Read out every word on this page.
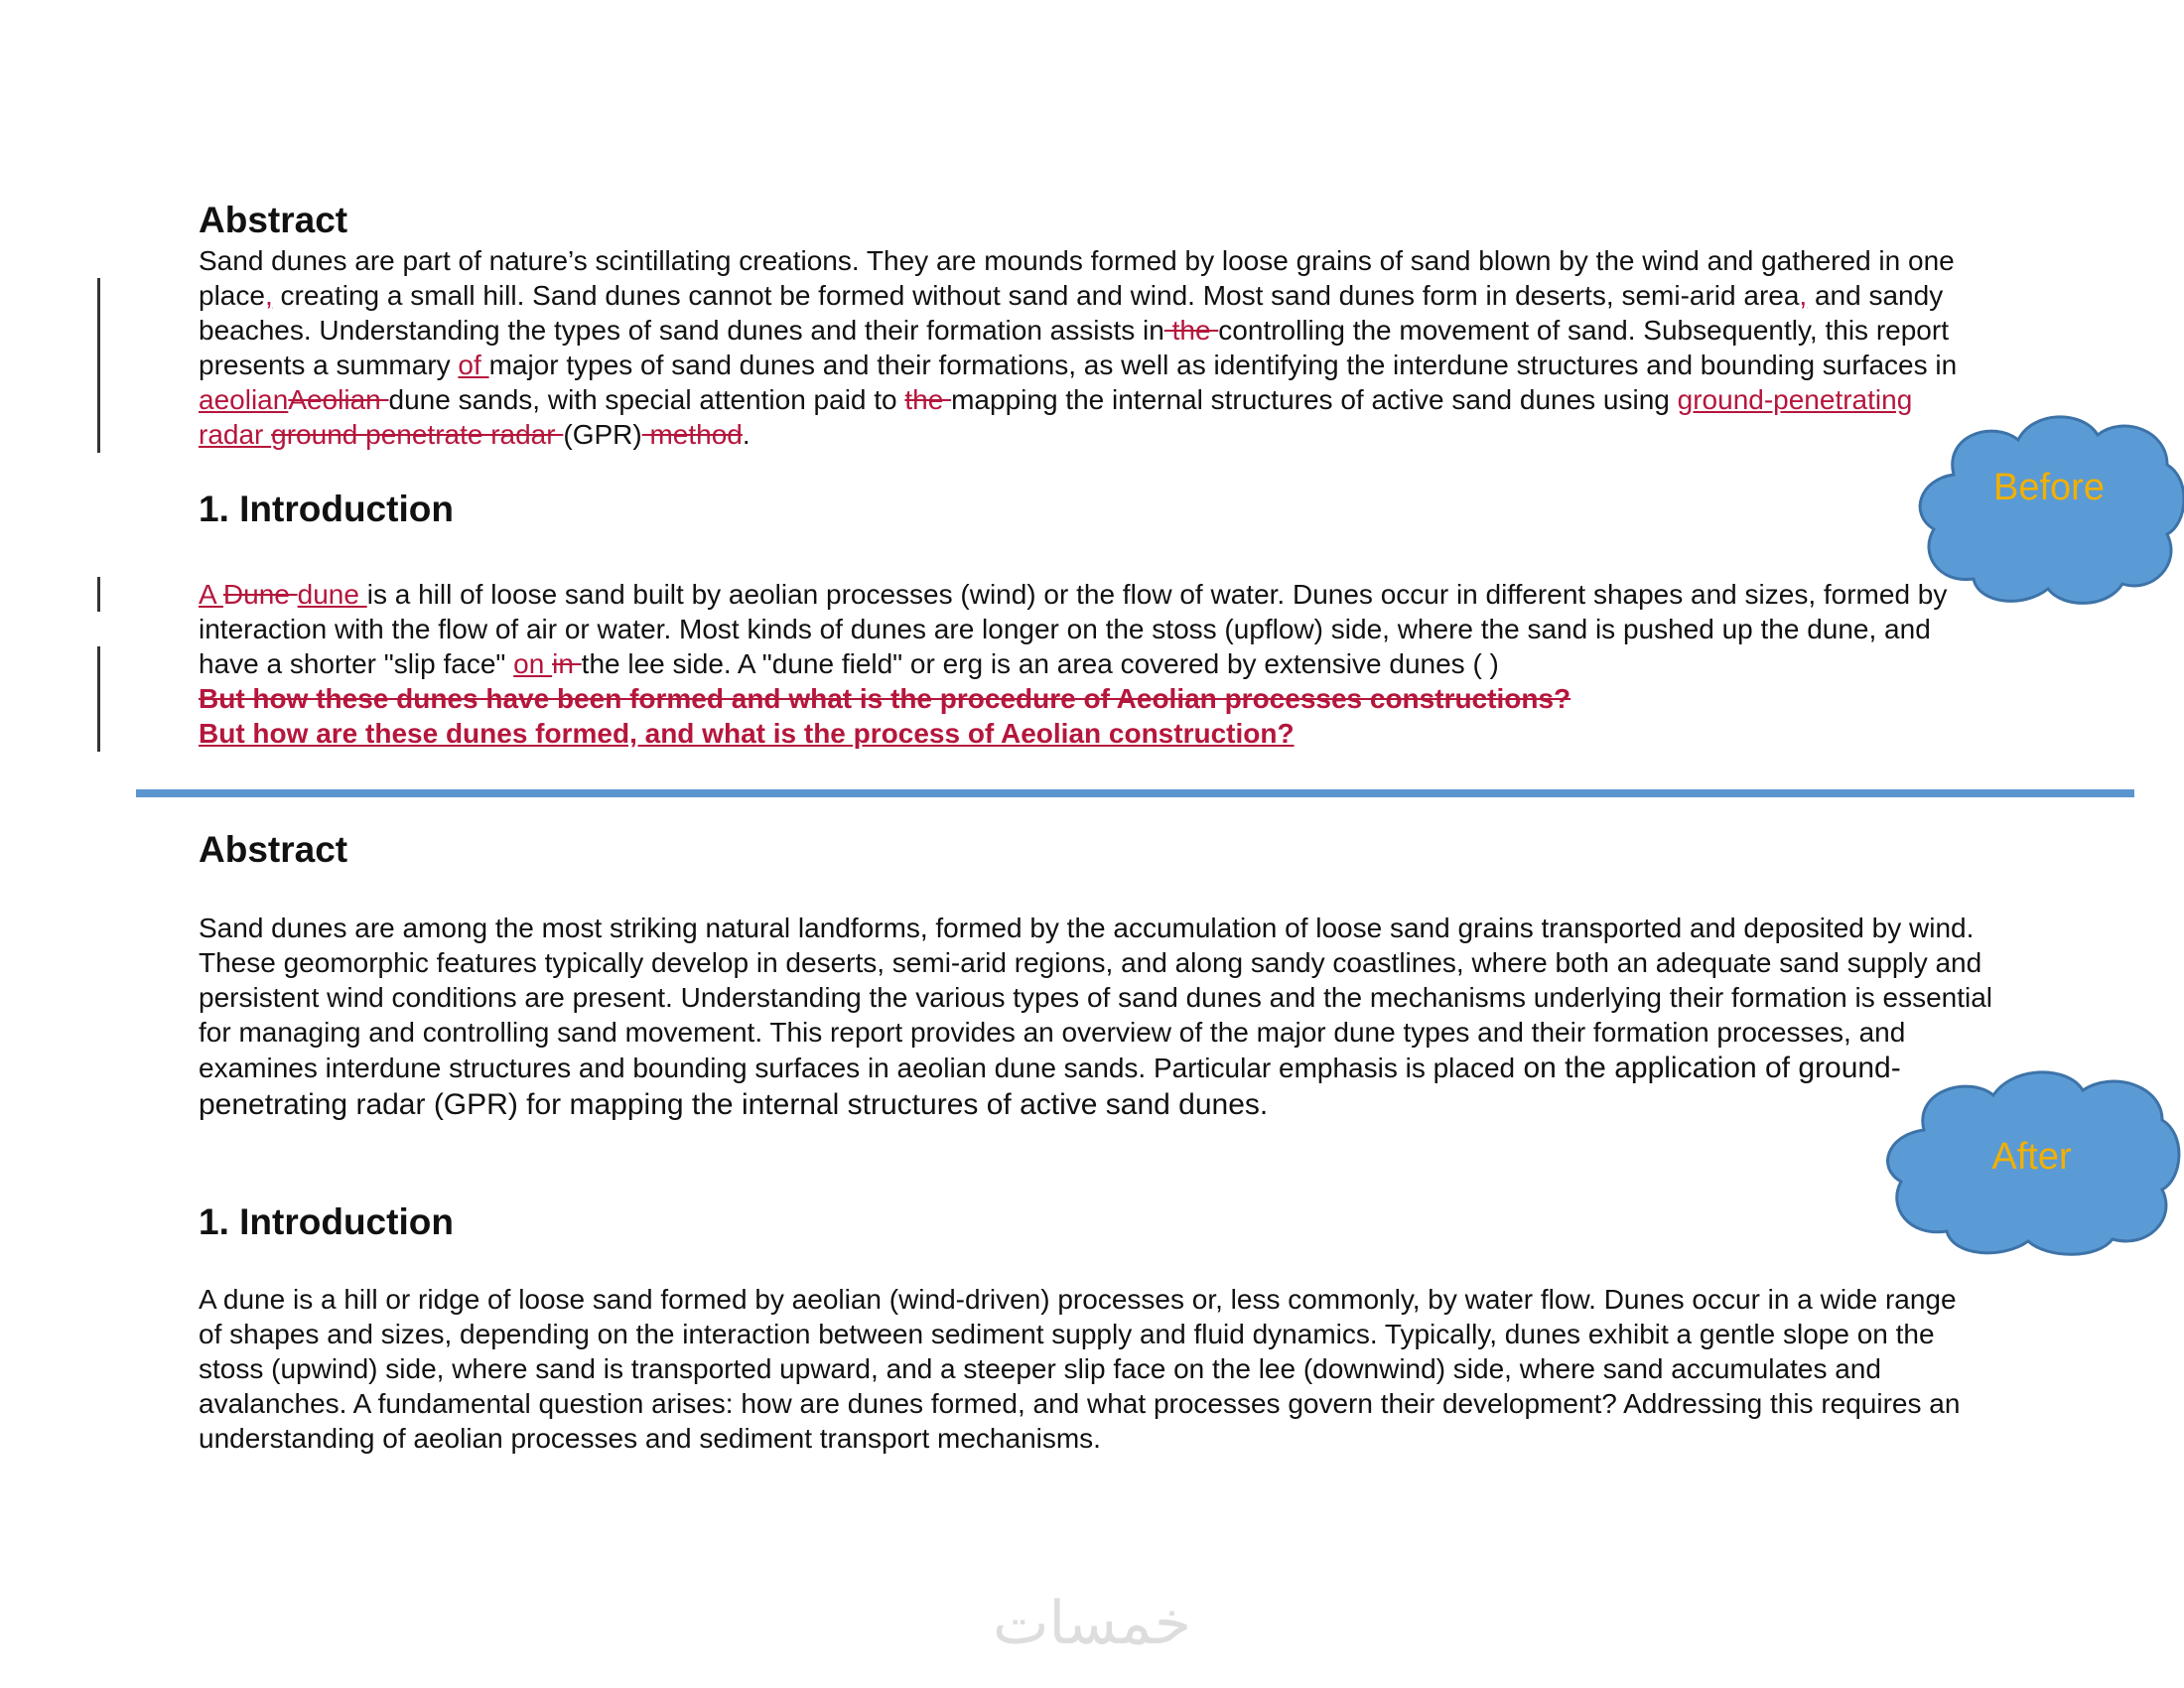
Abstract

Sand dunes are part of nature’s scintillating creations. They are mounds formed by loose grains of sand blown by the wind and gathered in one place, creating a small hill. Sand dunes cannot be formed without sand and wind. Most sand dunes form in deserts, semi-arid area, and sandy beaches. Understanding the types of sand dunes and their formation assists in the controlling the movement of sand. Subsequently, this report presents a summary of major types of sand dunes and their formations, as well as identifying the interdune structures and bounding surfaces in aeolianAeolian dune sands, with special attention paid to the mapping the internal structures of active sand dunes using ground-penetrating radar ground penetrate radar (GPR) method.

1. Introduction

A Dune dune is a hill of loose sand built by aeolian processes (wind) or the flow of water. Dunes occur in different shapes and sizes, formed by interaction with the flow of air or water. Most kinds of dunes are longer on the stoss (upflow) side, where the sand is pushed up the dune, and have a shorter "slip face" on in the lee side. A "dune field" or erg is an area covered by extensive dunes ( )

But how these dunes have been formed and what is the procedure of Aeolian processes constructions?

But how are these dunes formed, and what is the process of Aeolian construction?

Abstract

Sand dunes are among the most striking natural landforms, formed by the accumulation of loose sand grains transported and deposited by wind. These geomorphic features typically develop in deserts, semi-arid regions, and along sandy coastlines, where both an adequate sand supply and persistent wind conditions are present. Understanding the various types of sand dunes and the mechanisms underlying their formation is essential for managing and controlling sand movement. This report provides an overview of the major dune types and their formation processes, and examines interdune structures and bounding surfaces in aeolian dune sands. Particular emphasis is placed on the application of ground-penetrating radar (GPR) for mapping the internal structures of active sand dunes.

1. Introduction

A dune is a hill or ridge of loose sand formed by aeolian (wind-driven) processes or, less commonly, by water flow. Dunes occur in a wide range of shapes and sizes, depending on the interaction between sediment supply and fluid dynamics. Typically, dunes exhibit a gentle slope on the stoss (upwind) side, where sand is transported upward, and a steeper slip face on the lee (downwind) side, where sand accumulates and avalanches. A fundamental question arises: how are dunes formed, and what processes govern their development? Addressing this requires an understanding of aeolian processes and sediment transport mechanisms.

Before
After
خمسات
